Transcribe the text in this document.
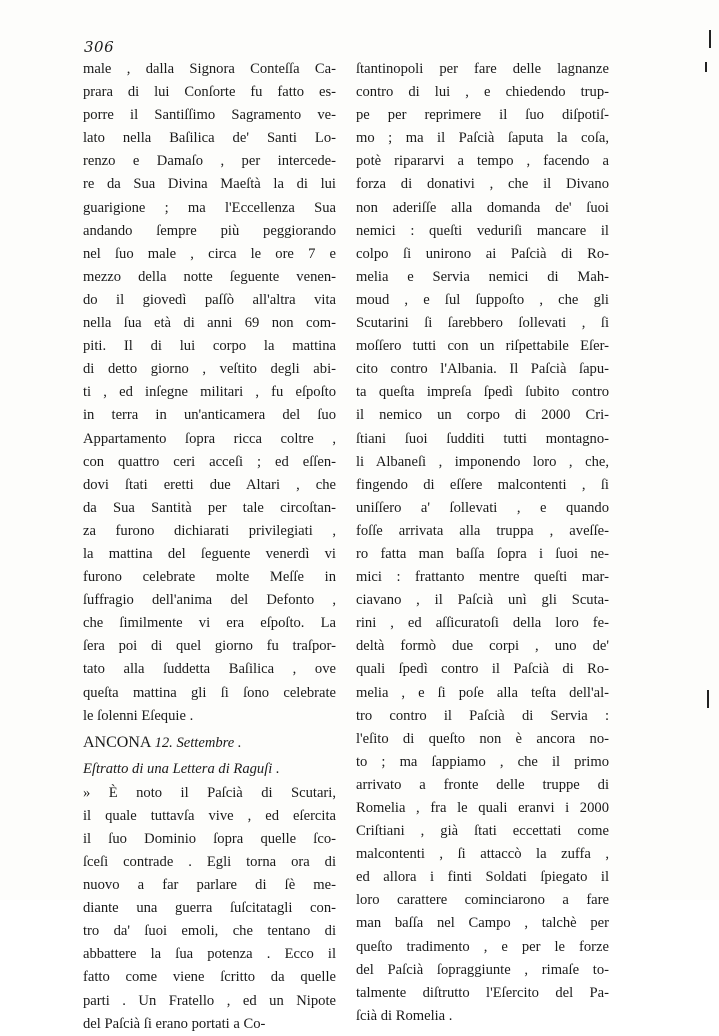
306
male , dalla Signora Conteſſa Ca-
prara di lui Conſorte fu fatto es-
porre il Santiſſimo Sagramento ve-
lato nella Baſilica de' Santi Lo-
renzo e Damaſo , per intercede-
re da Sua Divina Maeſtà la di lui
guarigione ; ma l'Eccellenza Sua
andando ſempre più peggiorando
nel ſuo male , circa le ore 7 e
mezzo della notte ſeguente venen-
do il giovedì paſſò all'altra vita
nella ſua età di anni 69 non com-
piti. Il di lui corpo la mattina
di detto giorno , veſtito degli abi-
ti , ed inſegne militari , fu eſpoſto
in terra in un'anticamera del ſuo
Appartamento ſopra ricca coltre ,
con quattro ceri acceſi ; ed eſſen-
dovi ſtati eretti due Altari , che
da Sua Santità per tale circoſtan-
za furono dichiarati privilegiati ,
la mattina del ſeguente venerdì vi
furono celebrate molte Meſſe in
ſuffragio dell'anima del Defonto ,
che ſimilmente vi era eſpoſto. La
ſera poi di quel giorno fu traſpor-
tato alla ſuddetta Baſilica , ove
queſta mattina gli ſi ſono celebrate
le ſolenni Eſequie .
ANCONA 12. Settembre .
Eſtratto di una Lettera di Raguſi .
» È noto il Paſcià di Scutari,
il quale tuttavſa vive , ed eſercita
il ſuo Dominio ſopra quelle ſco-
ſceſi contrade . Egli torna ora di
nuovo a far parlare di ſè me-
diante una guerra ſuſcitatagli con-
tro da' ſuoi emoli, che tentano di
abbattere la ſua potenza . Ecco il
fatto come viene ſcritto da quelle
parti . Un Fratello , ed un Nipote
del Paſcià ſi erano portati a Co-
ſtantinopoli per fare delle lagnanze
contro di lui , e chiedendo trup-
pe per reprimere il ſuo diſpotiſ-
mo ; ma il Paſcià ſaputa la coſa,
potè ripararvi a tempo , facendo a
forza di donativi , che il Divano
non aderiſſe alla domanda de' ſuoi
nemici : queſti veduriſi mancare il
colpo ſi unirono ai Paſcià di Ro-
melia e Servia nemici di Mah-
moud , e ſul ſuppoſto , che gli
Scutarini ſi ſarebbero ſollevati , ſi
moſſero tutti con un riſpettabile Eſer-
cito contro l'Albania. Il Paſcià ſapu-
ta queſta impreſa ſpedì ſubito contro
il nemico un corpo di 2000 Cri-
ſtiani ſuoi ſudditi tutti montagno-
li Albaneſi , imponendo loro , che,
fingendo di eſſere malcontenti , ſi
uniſſero a' ſollevati , e quando
foſſe arrivata alla truppa , aveſſe-
ro fatta man baſſa ſopra i ſuoi ne-
mici : frattanto mentre queſti mar-
ciavano , il Paſcià unì gli Scuta-
rini , ed aſſicuratoſi della loro fe-
deltà formò due corpi , uno de'
quali ſpedì contro il Paſcià di Ro-
melia , e ſi poſe alla teſta dell'al-
tro contro il Paſcià di Servia :
l'eſito di queſto non è ancora no-
to ; ma ſappiamo , che il primo
arrivato a fronte delle truppe di
Romelia , fra le quali eranvi i 2000
Criſtiani , già ſtati eccettati come
malcontenti , ſi attaccò la zuffa ,
ed allora i finti Soldati ſpiegato il
loro carattere cominciarono a fare
man baſſa nel Campo , talchè per
queſto tradimento , e per le forze
del Paſcià ſopraggiunte , rimaſe to-
talmente diſtrutto l'Eſercito del Pa-
ſcià di Romelia .
